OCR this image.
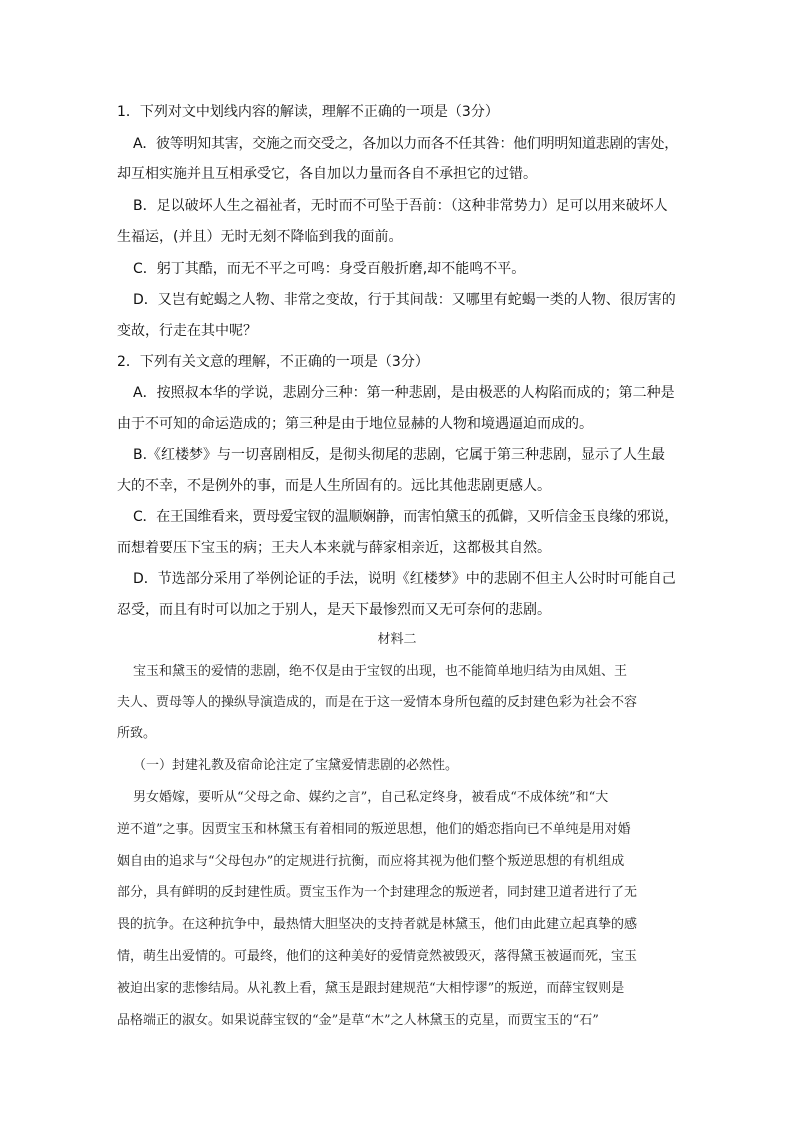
1．下列对文中划线内容的解读，理解不正确的一项是（3分）
A．彼等明知其害，交施之而交受之，各加以力而各不任其咎：他们明明知道悲剧的害处，
却互相实施并且互相承受它，各自加以力量而各自不承担它的过错。
B．足以破坏人生之福祉者，无时而不可坠于吾前：（这种非常势力）足可以用来破坏人
生福运，(并且）无时无刻不降临到我的面前。
C．躬丁其酷，而无不平之可鸣：身受百般折磨,却不能鸣不平。
D．又岂有蛇蝎之人物、非常之变故，行于其间哉：又哪里有蛇蝎一类的人物、很厉害的
变故，行走在其中呢？
2．下列有关文意的理解，不正确的一项是（3分）
A．按照叔本华的学说，悲剧分三种：第一种悲剧，是由极恶的人构陷而成的；第二种是
由于不可知的命运造成的；第三种是由于地位显赫的人物和境遇逼迫而成的。
B.《红楼梦》与一切喜剧相反，是彻头彻尾的悲剧，它属于第三种悲剧，显示了人生最
大的不幸，不是例外的事，而是人生所固有的。远比其他悲剧更感人。
C．在王国维看来，贾母爱宝钗的温顺娴静，而害怕黛玉的孤僻，又听信金玉良缘的邪说，
而想着要压下宝玉的病；王夫人本来就与薛家相亲近，这都极其自然。
D．节选部分采用了举例论证的手法，说明《红楼梦》中的悲剧不但主人公时时可能自己
忍受，而且有时可以加之于别人，是天下最惨烈而又无可奈何的悲剧。
材料二
宝玉和黛玉的爱情的悲剧，绝不仅是由于宝钗的出现，也不能简单地归结为由凤姐、王
夫人、贾母等人的操纵导演造成的，而是在于这一爱情本身所包蕴的反封建色彩为社会不容
所致。
（一）封建礼教及宿命论注定了宝黛爱情悲剧的必然性。
男女婚嫁，要听从“父母之命、媒约之言”，自己私定终身，被看成“不成体统”和“大
逆不道”之事。因贾宝玉和林黛玉有着相同的叛逆思想，他们的婚恋指向已不单纯是用对婚
姻自由的追求与“父母包办”的定规进行抗衡，而应将其视为他们整个叛逆思想的有机组成
部分，具有鲜明的反封建性质。贾宝玉作为一个封建理念的叛逆者，同封建卫道者进行了无
畏的抗争。在这种抗争中，最热情大胆坚决的支持者就是林黛玉，他们由此建立起真挚的感
情，萌生出爱情的。可最终，他们的这种美好的爱情竟然被毁灭，落得黛玉被逼而死，宝玉
被迫出家的悲惨结局。从礼教上看，黛玉是跟封建规范“大相悖谬”的叛逆，而薛宝钗则是
品格端正的淑女。如果说薛宝钗的“金”是草“木”之人林黛玉的克星，而贾宝玉的“石”
